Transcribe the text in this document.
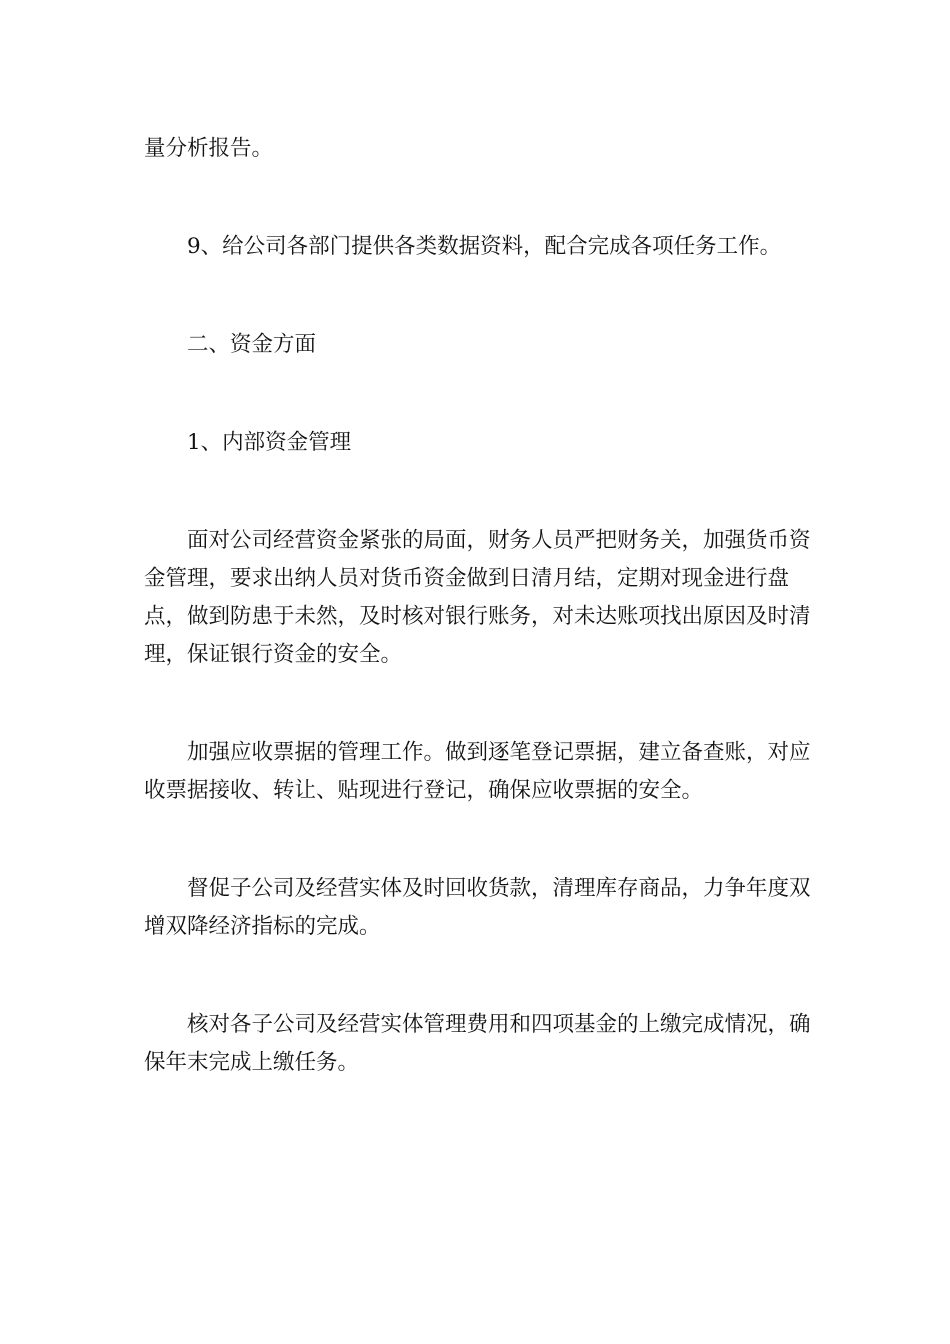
量分析报告。

9、给公司各部门提供各类数据资料，配合完成各项任务工作。

二、资金方面

1、内部资金管理

面对公司经营资金紧张的局面，财务人员严把财务关，加强货币资金管理，要求出纳人员对货币资金做到日清月结，定期对现金进行盘点，做到防患于未然，及时核对银行账务，对未达账项找出原因及时清理，保证银行资金的安全。

加强应收票据的管理工作。做到逐笔登记票据，建立备查账，对应收票据接收、转让、贴现进行登记，确保应收票据的安全。

督促子公司及经营实体及时回收货款，清理库存商品，力争年度双增双降经济指标的完成。

核对各子公司及经营实体管理费用和四项基金的上缴完成情况，确保年末完成上缴任务。
